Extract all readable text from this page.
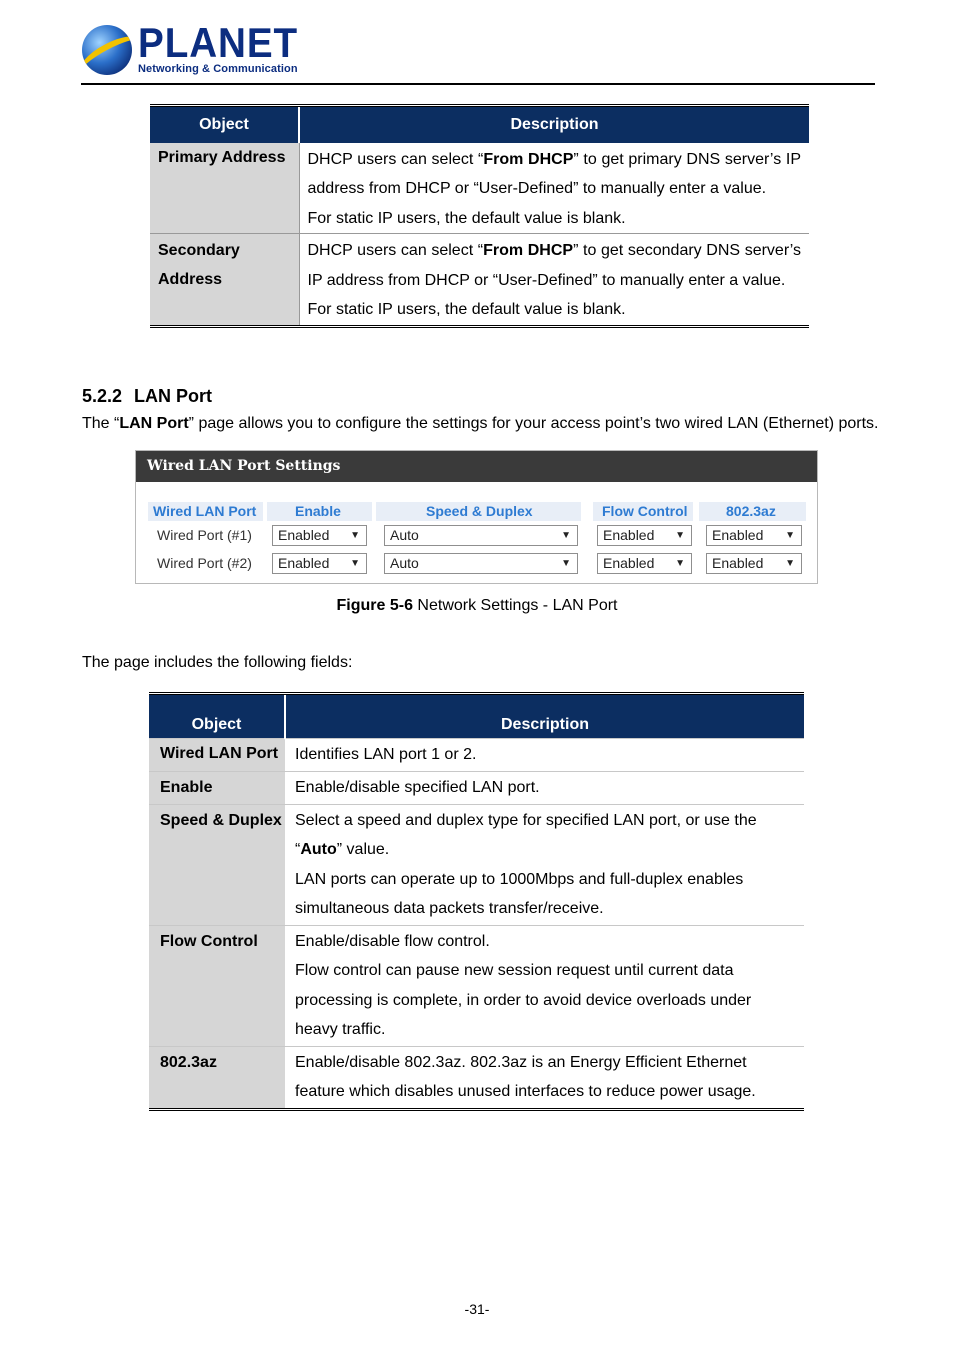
PLANET
Networking & Communication
Object	Description
Primary Address	DHCP users can select “From DHCP” to get primary DNS server’s IP address from DHCP or “User-Defined” to manually enter a value.
For static IP users, the default value is blank.
Secondary Address	DHCP users can select “From DHCP” to get secondary DNS server’s IP address from DHCP or “User-Defined” to manually enter a value.
For static IP users, the default value is blank.
5.2.2 LAN Port
The “LAN Port” page allows you to configure the settings for your access point’s two wired LAN (Ethernet) ports.
Wired LAN Port Settings
Wired LAN Port	Enable	Speed & Duplex	Flow Control	802.3az
Wired Port (#1)	Enabled ▼	Auto	▼	Enabled ▼	Enabled ▼
Wired Port (#2)	Enabled ▼	Auto	▼	Enabled ▼	Enabled ▼
Figure 5-6 Network Settings - LAN Port
The page includes the following fields:
Object	Description
Wired LAN Port	Identifies LAN port 1 or 2.
Enable	Enable/disable specified LAN port.
Speed & Duplex	Select a speed and duplex type for specified LAN port, or use the
“Auto” value.
LAN ports can operate up to 1000Mbps and full-duplex enables
simultaneous data packets transfer/receive.

Flow Control	Enable/disable flow control.
Flow control can pause new session request until current data
processing is complete, in order to avoid device overloads under
heavy traffic.

802.3az	Enable/disable 802.3az. 802.3az is an Energy Efficient Ethernet
feature which disables unused interfaces to reduce power usage.
-31-
